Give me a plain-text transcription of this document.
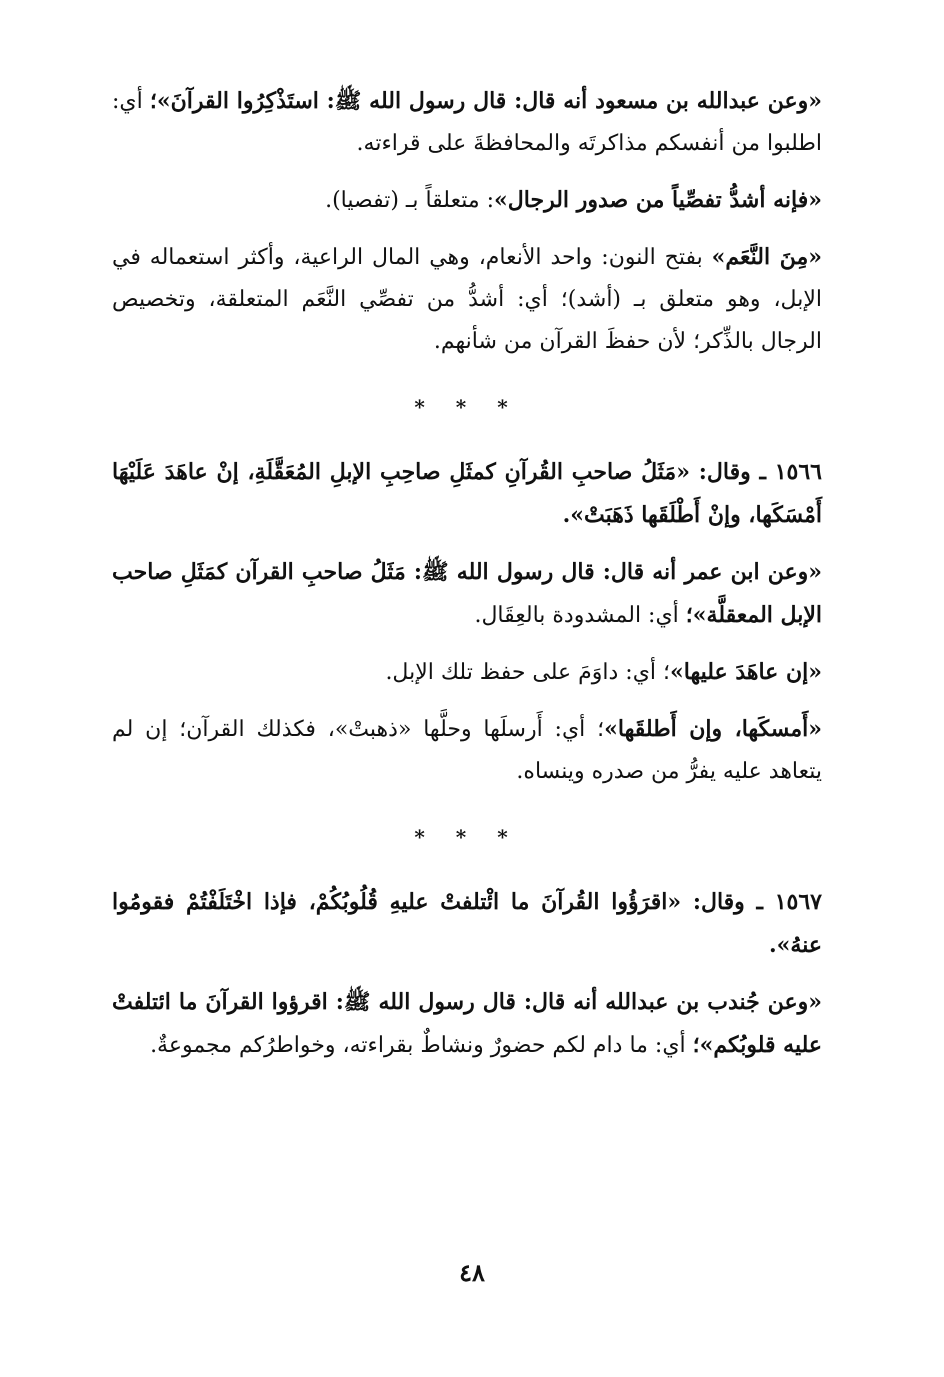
«وعن عبدالله بن مسعود أنه قال: قال رسول الله ﷺ: استَذْكِرُوا القرآنَ»؛ أي: اطلبوا من أنفسكم مذاكرتَه والمحافظةَ على قراءته.

«فإنه أشدُّ تفصِّياً من صدور الرجال»: متعلقاً بـ (تفصيا).

«مِنَ النَّعَم» بفتح النون: واحد الأنعام، وهي المال الراعية، وأكثر استعماله في الإبل، وهو متعلق بـ (أشد)؛ أي: أشدُّ من تفصِّي النَّعَم المتعلقة، وتخصيص الرجال بالذِّكر؛ لأن حفظَ القرآن من شأنهم.

* * *

١٥٦٦ ـ وقال: «مَثَلُ صاحبِ القُرآنِ كمثَلِ صاحِبِ الإبلِ المُعَقَّلَةِ، إنْ عاهَدَ عَلَيْهَا أَمْسَكَها، وإنْ أَطْلَقَها ذَهَبَتْ».

«وعن ابن عمر أنه قال: قال رسول الله ﷺ: مَثَلُ صاحبِ القرآن كمَثَلِ صاحب الإبل المعقلَّة»؛ أي: المشدودة بالعِقَال.

«إن عاهَدَ عليها»؛ أي: داوَمَ على حفظ تلك الإبل.

«أَمسكَها، وإن أَطلقَها»؛ أي: أَرسلَها وحلَّها «ذهبتْ»، فكذلك القرآن؛ إن لم يتعاهد عليه يفرُّ من صدره وينساه.

* * *

١٥٦٧ ـ وقال: «اقرَؤُوا القُرآنَ ما ائْتلفتْ عليهِ قُلُوبُكُمْ، فإذا اخْتَلَفْتُمْ فقومُوا عنهُ».

«وعن جُندب بن عبدالله أنه قال: قال رسول الله ﷺ: اقرؤوا القرآنَ ما ائتلفتْ عليه قلوبُكم»؛ أي: ما دام لكم حضورٌ ونشاطٌ بقراءته، وخواطرُكم مجموعةٌ.

٤٨
